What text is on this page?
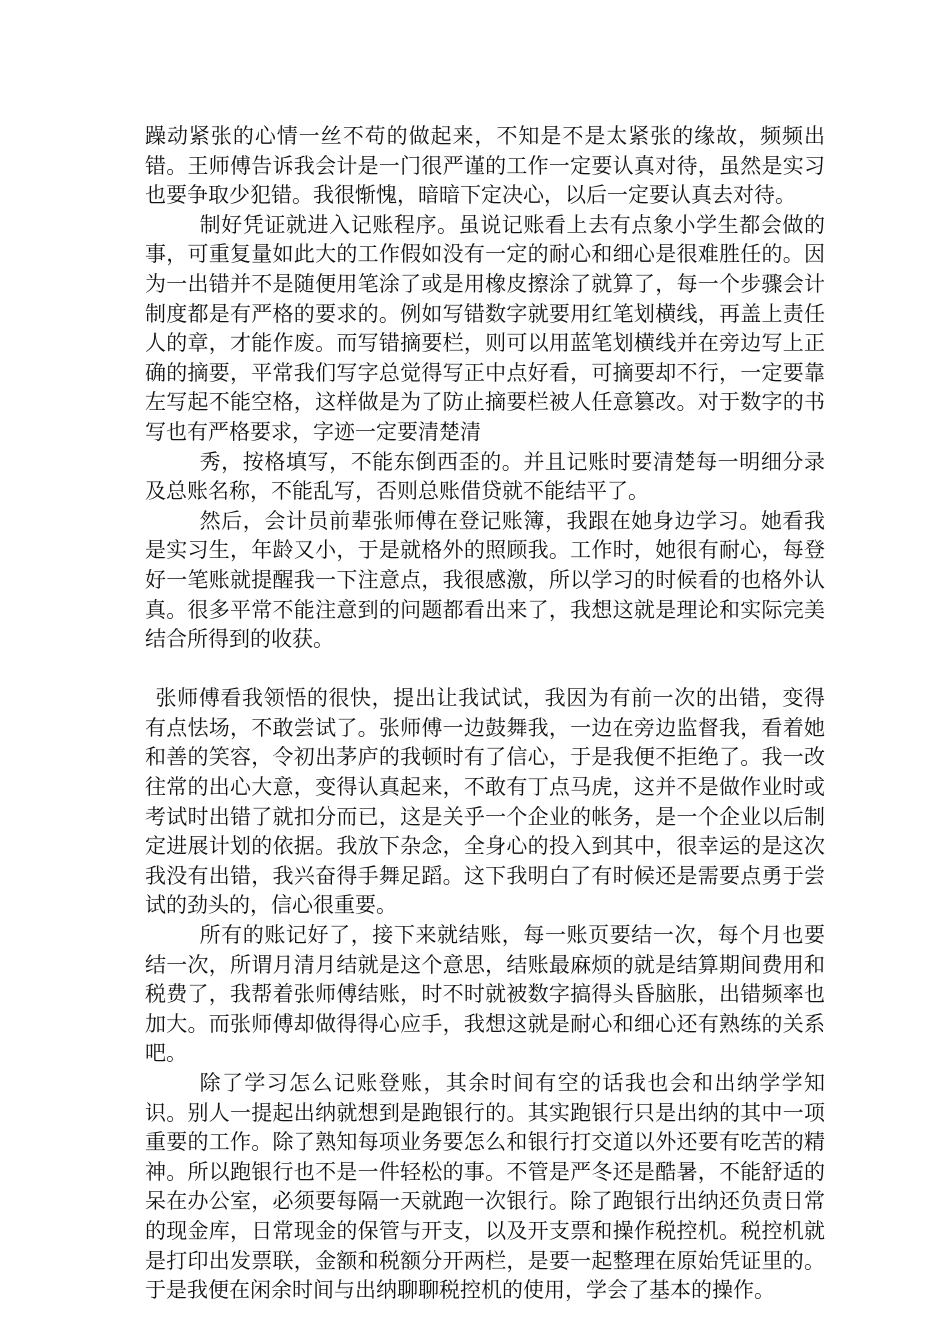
躁动紧张的心情一丝不苟的做起来，不知是不是太紧张的缘故，频频出错。王师傅告诉我会计是一门很严谨的工作一定要认真对待，虽然是实习也要争取少犯错。我很惭愧，暗暗下定决心，以后一定要认真去对待。

制好凭证就进入记账程序。虽说记账看上去有点象小学生都会做的事，可重复量如此大的工作假如没有一定的耐心和细心是很难胜任的。因为一出错并不是随便用笔涂了或是用橡皮擦涂了就算了，每一个步骤会计制度都是有严格的要求的。例如写错数字就要用红笔划横线，再盖上责任人的章，才能作废。而写错摘要栏，则可以用蓝笔划横线并在旁边写上正确的摘要，平常我们写字总觉得写正中点好看，可摘要却不行，一定要靠左写起不能空格，这样做是为了防止摘要栏被人任意篡改。对于数字的书写也有严格要求，字迹一定要清楚清

秀，按格填写，不能东倒西歪的。并且记账时要清楚每一明细分录及总账名称，不能乱写，否则总账借贷就不能结平了。

然后，会计员前辈张师傅在登记账簿，我跟在她身边学习。她看我是实习生，年龄又小，于是就格外的照顾我。工作时，她很有耐心，每登好一笔账就提醒我一下注意点，我很感激，所以学习的时候看的也格外认真。很多平常不能注意到的问题都看出来了，我想这就是理论和实际完美结合所得到的收获。

张师傅看我领悟的很快，提出让我试试，我因为有前一次的出错，变得有点怯场，不敢尝试了。张师傅一边鼓舞我，一边在旁边监督我，看着她和善的笑容，令初出茅庐的我顿时有了信心，于是我便不拒绝了。我一改往常的出心大意，变得认真起来，不敢有丁点马虎，这并不是做作业时或考试时出错了就扣分而已，这是关乎一个企业的帐务，是一个企业以后制定进展计划的依据。我放下杂念，全身心的投入到其中，很幸运的是这次我没有出错，我兴奋得手舞足蹈。这下我明白了有时候还是需要点勇于尝试的劲头的，信心很重要。

所有的账记好了，接下来就结账，每一账页要结一次，每个月也要结一次，所谓月清月结就是这个意思，结账最麻烦的就是结算期间费用和税费了，我帮着张师傅结账，时不时就被数字搞得头昏脑胀，出错频率也加大。而张师傅却做得得心应手，我想这就是耐心和细心还有熟练的关系吧。

除了学习怎么记账登账，其余时间有空的话我也会和出纳学学知识。别人一提起出纳就想到是跑银行的。其实跑银行只是出纳的其中一项重要的工作。除了熟知每项业务要怎么和银行打交道以外还要有吃苦的精神。所以跑银行也不是一件轻松的事。不管是严冬还是酷暑，不能舒适的呆在办公室，必须要每隔一天就跑一次银行。除了跑银行出纳还负责日常的现金库，日常现金的保管与开支，以及开支票和操作税控机。税控机就是打印出发票联，金额和税额分开两栏，是要一起整理在原始凭证里的。于是我便在闲余时间与出纳聊聊税控机的使用，学会了基本的操作。
